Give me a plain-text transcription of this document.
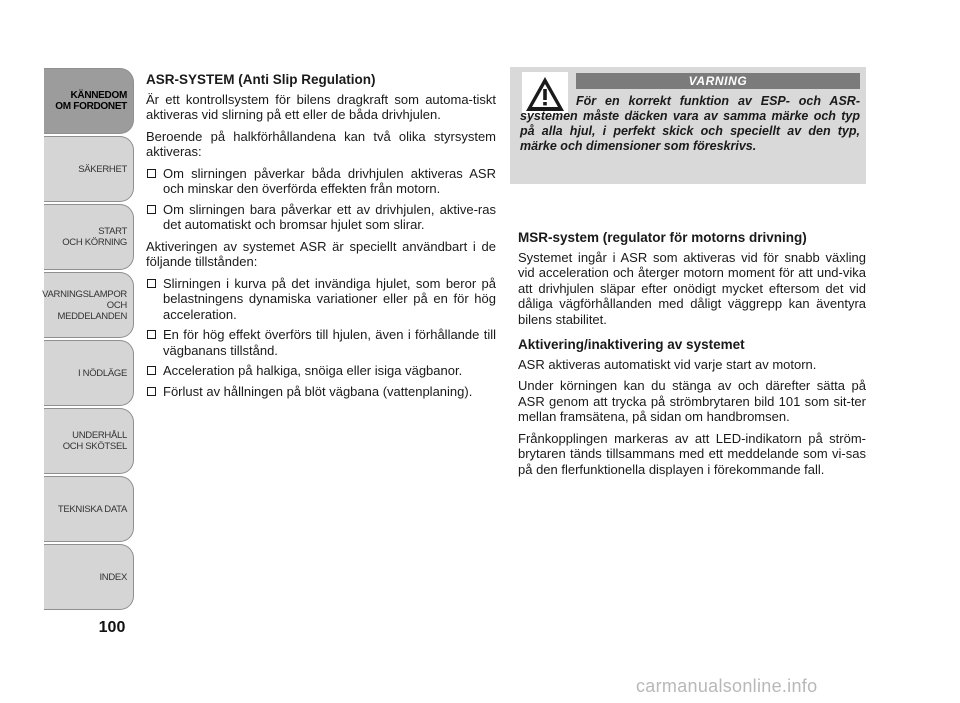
KÄNNEDOM
OM FORDONET
SÄKERHET
START
OCH KÖRNING
VARNINGSLAMPOR
OCH
MEDDELANDEN
I NÖDLÄGE
UNDERHÅLL
OCH SKÖTSEL
TEKNISKA DATA
INDEX
100
ASR-SYSTEM (Anti Slip Regulation)

Är ett kontrollsystem för bilens dragkraft som automa-tiskt aktiveras vid slirning på ett eller de båda drivhjulen.

Beroende på halkförhållandena kan två olika styrsystem aktiveras:

Om slirningen påverkar båda drivhjulen aktiveras ASR och minskar den överförda effekten från motorn.
Om slirningen bara påverkar ett av drivhjulen, aktive-ras det automatiskt och bromsar hjulet som slirar.

Aktiveringen av systemet ASR är speciellt användbart i de följande tillstånden:

Slirningen i kurva på det invändiga hjulet, som beror på belastningens dynamiska variationer eller på en för hög acceleration.
En för hög effekt överförs till hjulen, även i förhållande till vägbanans tillstånd.
Acceleration på halkiga, snöiga eller isiga vägbanor.
Förlust av hållningen på blöt vägbana (vattenplaning).
VARNING
För en korrekt funktion av ESP- och ASR-systemen måste däcken vara av samma märke och typ på alla hjul, i perfekt skick och speciellt av den typ, märke och dimensioner som föreskrivs.
MSR-system (regulator för motorns drivning)

Systemet ingår i ASR som aktiveras vid för snabb växling vid acceleration och återger motorn moment för att und-vika att drivhjulen släpar efter onödigt mycket eftersom det vid dåliga vägförhållanden med dåligt väggrepp kan äventyra bilens stabilitet.

Aktivering/inaktivering av systemet

ASR aktiveras automatiskt vid varje start av motorn.

Under körningen kan du stänga av och därefter sätta på ASR genom att trycka på strömbrytaren bild 101 som sit-ter mellan framsätena, på sidan om handbromsen.

Frånkopplingen markeras av att LED-indikatorn på ström-brytaren tänds tillsammans med ett meddelande som vi-sas på den flerfunktionella displayen i förekommande fall.

carmanualsonline.info
